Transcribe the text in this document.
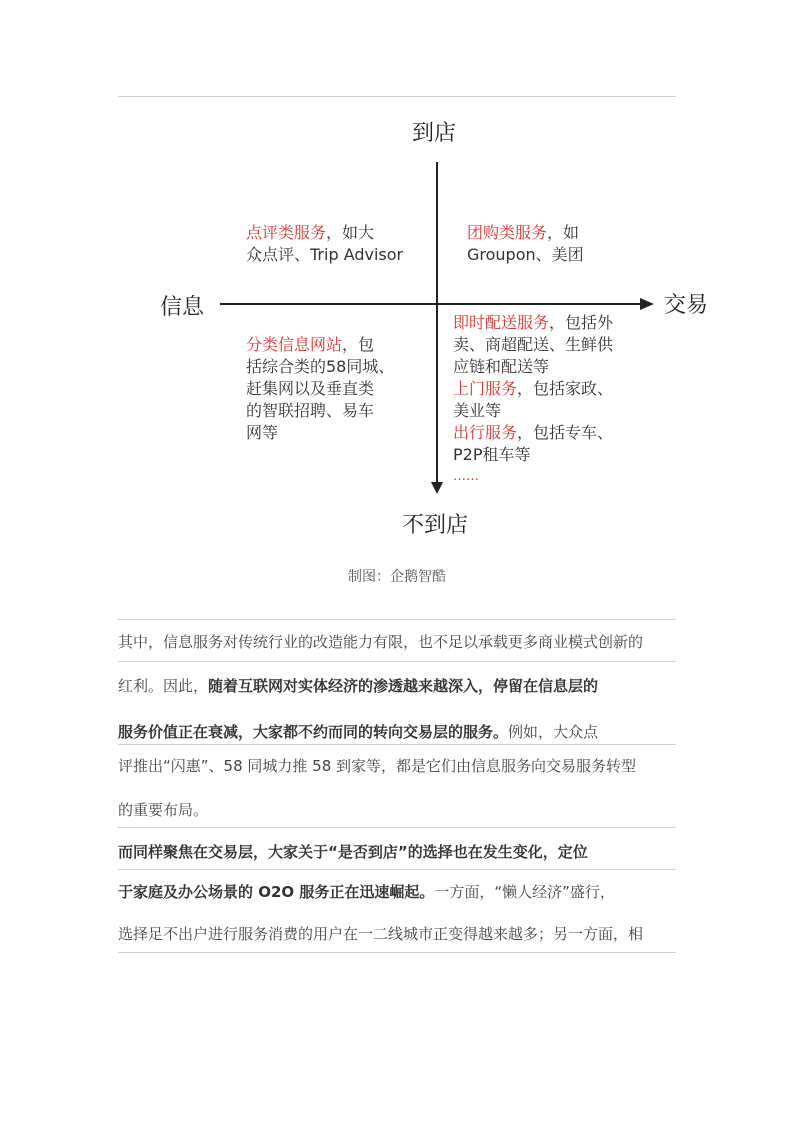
到店
不到店
信息	交易
点评类服务，如大
众点评、Trip Advisor
团购类服务，如
Groupon、美团
分类信息网站，包
括综合类的58同城、
赶集网以及垂直类
的智联招聘、易车
网等
即时配送服务，包括外
卖、商超配送、生鲜供
应链和配送等
上门服务，包括家政、
美业等
出行服务，包括专车、
P2P租车等
……
制图：企鹅智酷
其中，信息服务对传统行业的改造能力有限，也不足以承载更多商业模式创新的
红利。因此，随着互联网对实体经济的渗透越来越深入，停留在信息层的
服务价值正在衰减，大家都不约而同的转向交易层的服务。例如，大众点
评推出“闪惠”、58 同城力推 58 到家等，都是它们由信息服务向交易服务转型
的重要布局。
而同样聚焦在交易层，大家关于“是否到店”的选择也在发生变化，定位
于家庭及办公场景的 O2O 服务正在迅速崛起。一方面，“懒人经济”盛行，
选择足不出户进行服务消费的用户在一二线城市正变得越来越多；另一方面，相
